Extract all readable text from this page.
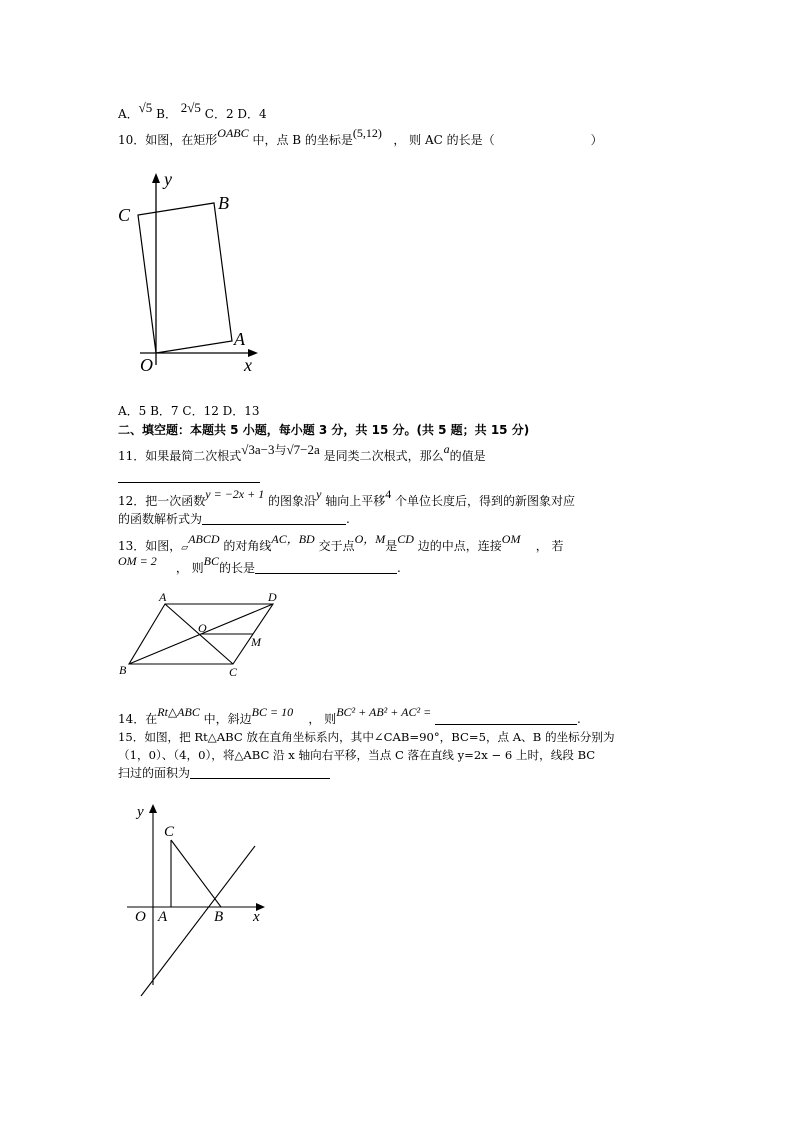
A．√5 B． 2√5 C．2 D．4
10．如图，在矩形OABC 中，点 B 的坐标是(5,12) ， 则 AC 的长是（	）
y
x
O
A
B
C
A．5 B．7 C．12 D．13
二、填空题：本题共 5 小题，每小题 3 分，共 15 分。(共 5 题；共 15 分)
11．如果最简二次根式√3a−3与√7−2a 是同类二次根式，那么a的值是
12．把一次函数y = −2x + 1 的图象沿y 轴向上平移4 个单位长度后，得到的新图象对应
的函数解析式为	.
13．如图，▱ABCD 的对角线AC，BD 交于点O，M是CD 边的中点，连接OM ， 若
OM = 2 ， 则BC的长是	.
A	D
B	C
O
M
14．在Rt△ABC 中，斜边BC = 10 ， 则BC² + AB² + AC² =	.
15．如图，把 Rt△ABC 放在直角坐标系内，其中∠CAB=90°，BC=5，点 A、B 的坐标分别为
（1，0）、（4，0），将△ABC 沿 x 轴向右平移，当点 C 落在直线 y=2x − 6 上时，线段 BC
扫过的面积为
y
x
O A	B
C
